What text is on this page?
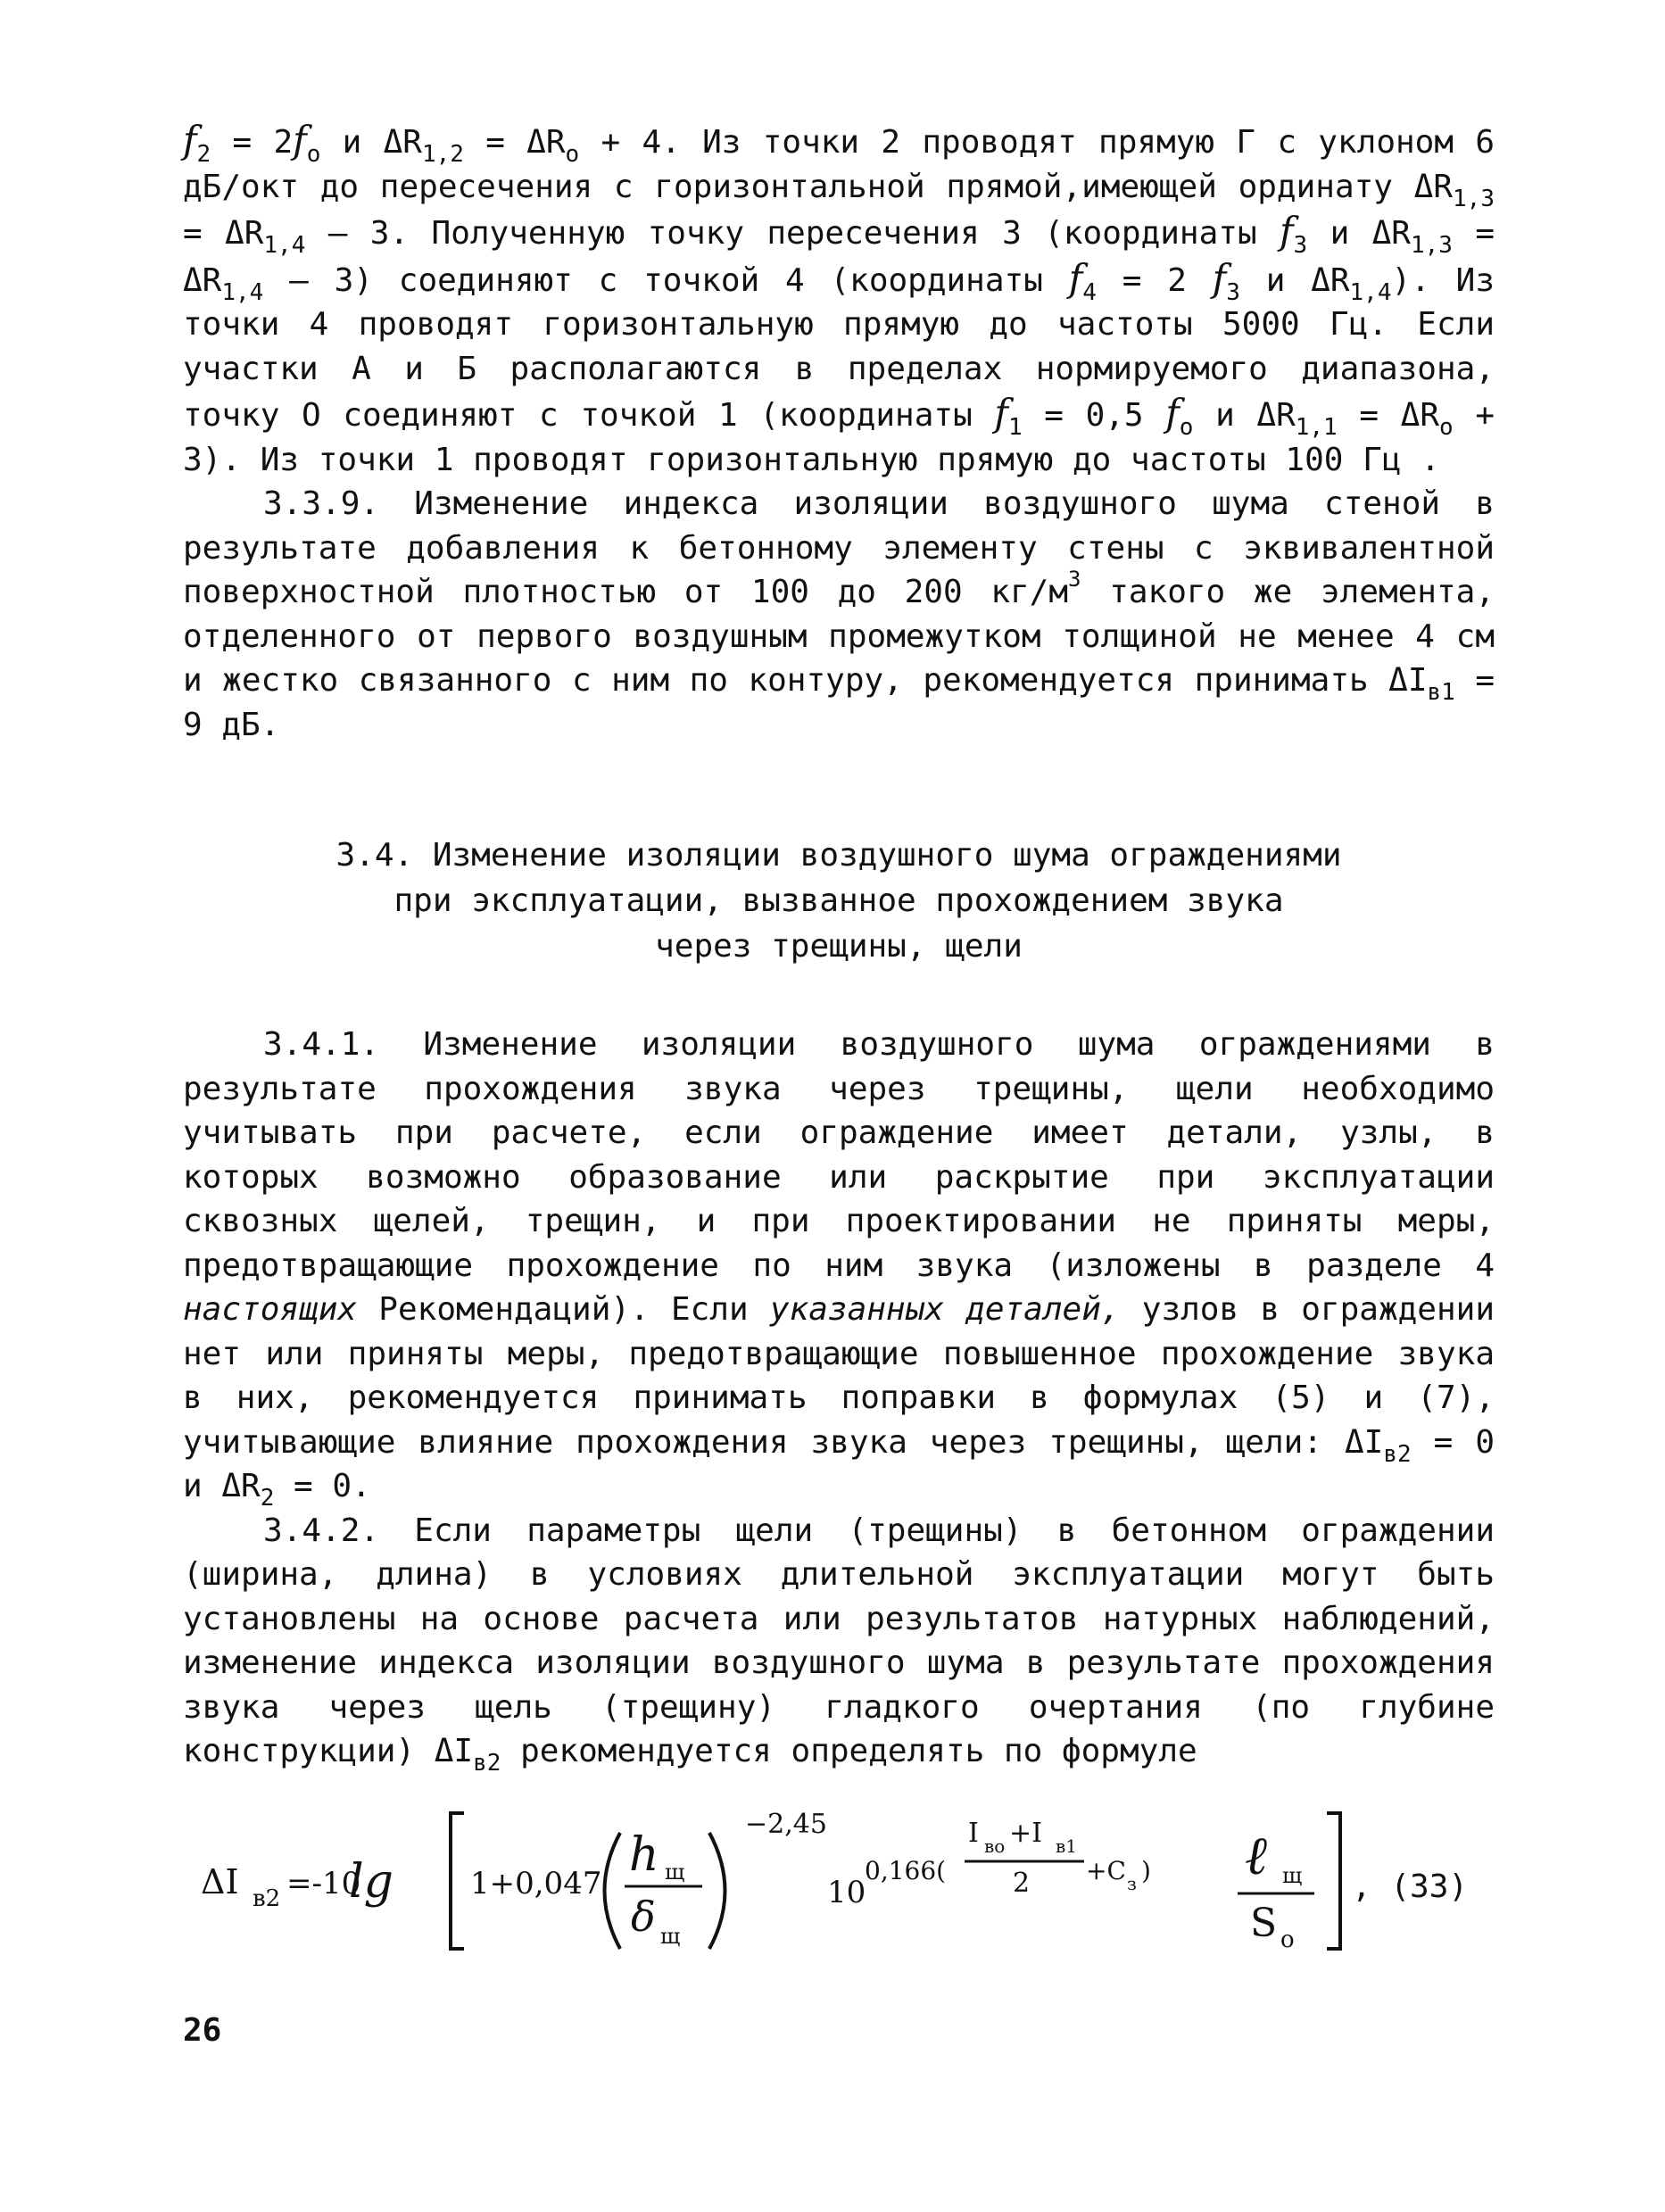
$f_2 = 2f_o$ и $\Delta R_{1,2} = \Delta R_o + 4$. Из точки 2 проводят прямую Г с уклоном 6 дБ/окт до пересечения с горизонтальной прямой,имеющей ординату $\Delta R_{1,3} = \Delta R_{1,4} - 3$. Полученную точку пересечения 3 (координаты $f_3$ и $\Delta R_{1,3} = \Delta R_{1,4} - 3$) соединяют с точкой 4 (координаты $f_4 = 2$ $f_3$ и $\Delta R_{1,4}$). Из точки 4 проводят горизонтальную прямую до частоты 5000 Гц. Если участки А и Б располагаются в пределах нормируемого диапазона, точку О соединяют с точкой 1 (координаты $f_1 = 0,5$ $f_o$ и $\Delta R_{1,1} = \Delta R_o + 3$). Из точки 1 проводят горизонтальную прямую до частоты 100 Гц .

3.3.9. Изменение индекса изоляции воздушного шума стеной в результате добавления к бетонному элементу стены с эквивалентной поверхностной плотностью от 100 до 200 $кг/м^3$ такого же элемента, отделенного от первого воздушным промежутком толщиной не менее 4 см и жестко связанного с ним по контуру, рекомендуется принимать $\Delta I_{в1} = 9$ дБ.

3.4. Изменение изоляции воздушного шума ограждениями

при эксплуатации, вызванное прохождением звука

через трещины, щели

3.4.1. Изменение изоляции воздушного шума ограждениями в результате прохождения звука через трещины, щели необходимо учитывать при расчете, если ограждение имеет детали, узлы, в которых возможно образование или раскрытие при эксплуатации сквозных щелей, трещин, и при проектировании не приняты меры, предотвращающие прохождение по ним звука (изложены в разделе 4 настоящих Рекомендаций). Если указанных деталей, узлов в ограждении нет или приняты меры, предотвращающие повышенное прохождение звука в них, рекомендуется принимать поправки в формулах (5) и (7), учитывающие влияние прохождения звука через трещины, щели: $\Delta I_{в2} = 0$ и $\Delta R_2 = 0$.

3.4.2. Если параметры щели (трещины) в бетонном ограждении (ширина, длина) в условиях длительной эксплуатации могут быть установлены на основе расчета или результатов натурных наблюдений, изменение индекса изоляции воздушного шума в результате прохождения звука через щель (трещину) гладкого очертания (по глубине конструкции) $\Delta I_{в2}$ рекомендуется определять по формуле

ΔI в2 =-10
lg	1+0,047
h щ
δ щ
−2,45
10
0,166(
I во +I в1
2 +C з ) ℓ щ
S о
, (33)
26
